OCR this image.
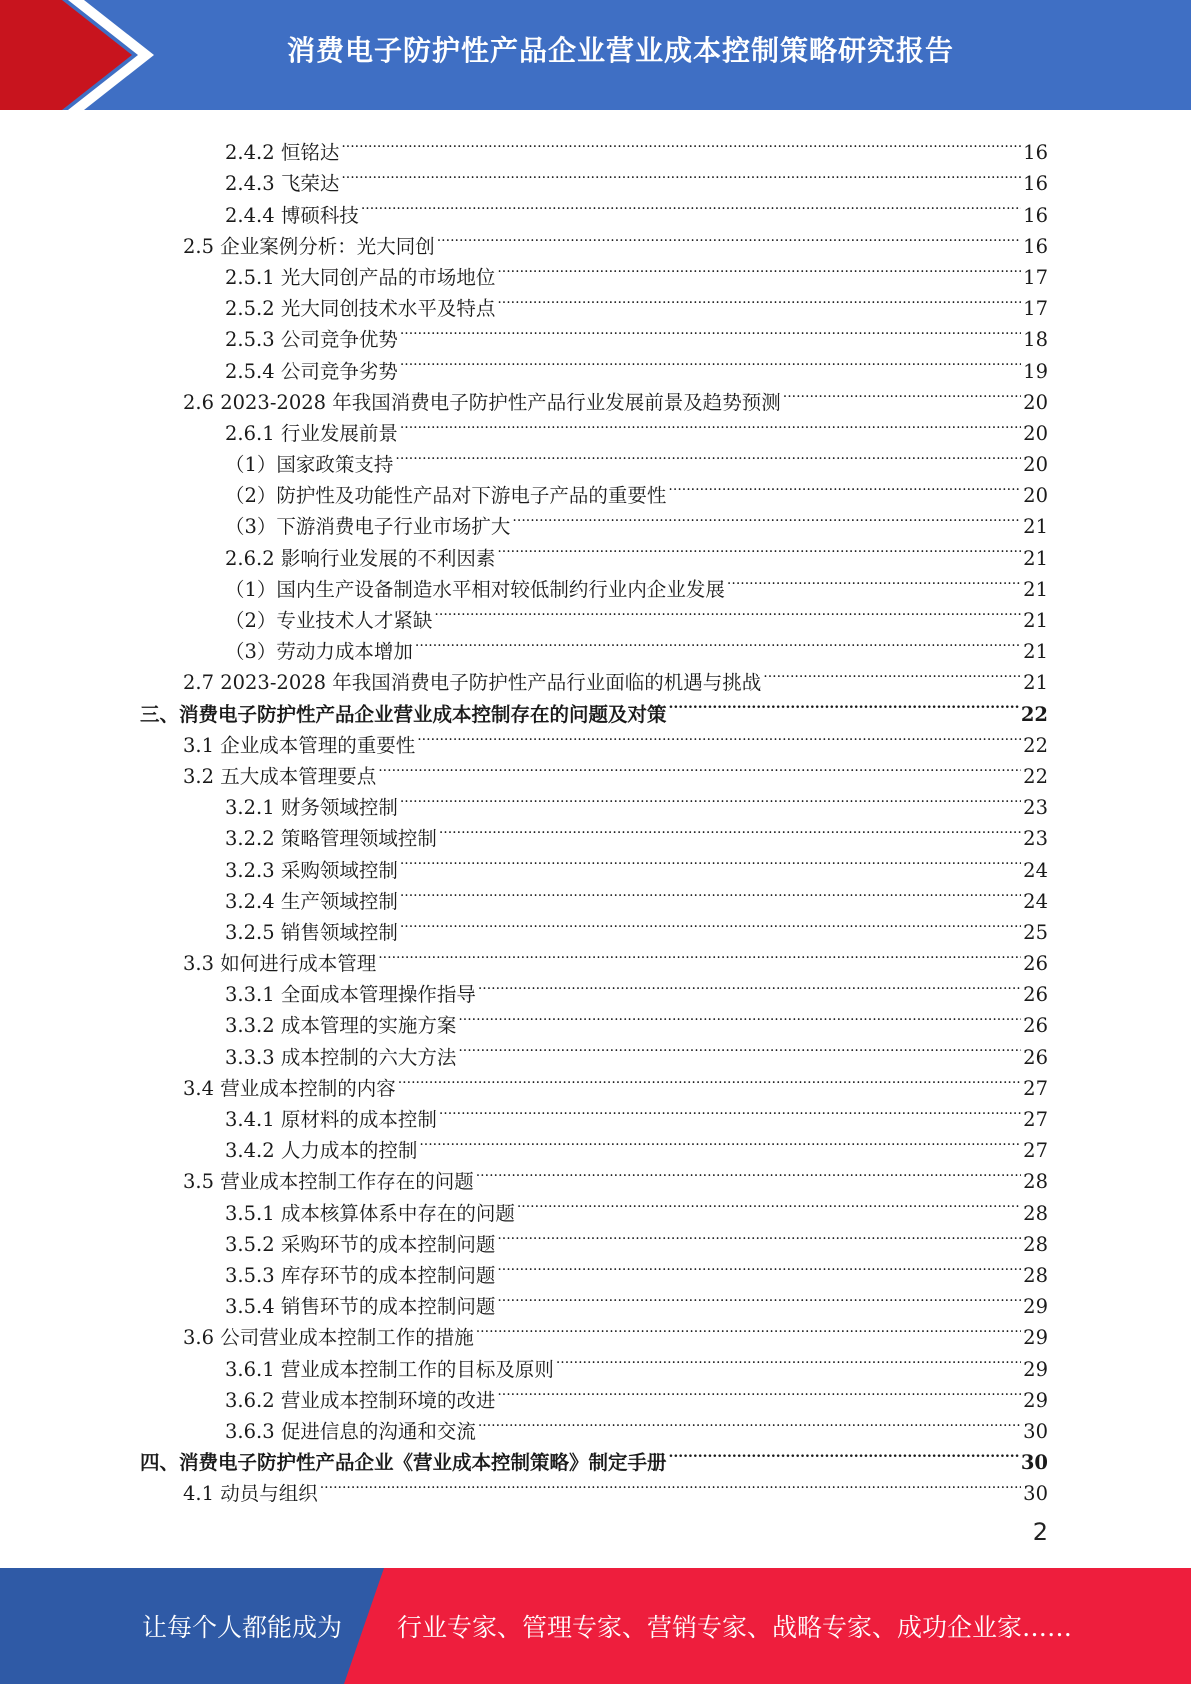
消费电子防护性产品企业营业成本控制策略研究报告
2.4.2 恒铭达 .....	16
2.4.3 飞荣达 .....	16
2.4.4 博硕科技 .....	16
2.5 企业案例分析：光大同创 .....	16
2.5.1 光大同创产品的市场地位 .....	17
2.5.2 光大同创技术水平及特点 .....	17
2.5.3 公司竞争优势 .....	18
2.5.4 公司竞争劣势 .....	19
2.6 2023-2028 年我国消费电子防护性产品行业发展前景及趋势预测 .....	20
2.6.1 行业发展前景 .....	20
（1）国家政策支持 .....	20
（2）防护性及功能性产品对下游电子产品的重要性 .....	20
（3）下游消费电子行业市场扩大 .....	21
2.6.2 影响行业发展的不利因素 .....	21
（1）国内生产设备制造水平相对较低制约行业内企业发展 .....	21
（2）专业技术人才紧缺 .....	21
（3）劳动力成本增加 .....	21
2.7 2023-2028 年我国消费电子防护性产品行业面临的机遇与挑战 .....	21
三、消费电子防护性产品企业营业成本控制存在的问题及对策 .....	22
3.1 企业成本管理的重要性 .....	22
3.2 五大成本管理要点 .....	22
3.2.1 财务领域控制 .....	23
3.2.2 策略管理领域控制 .....	23
3.2.3 采购领域控制 .....	24
3.2.4 生产领域控制 .....	24
3.2.5 销售领域控制 .....	25
3.3 如何进行成本管理 .....	26
3.3.1 全面成本管理操作指导 .....	26
3.3.2 成本管理的实施方案 .....	26
3.3.3 成本控制的六大方法 .....	26
3.4 营业成本控制的内容 .....	27
3.4.1 原材料的成本控制 .....	27
3.4.2 人力成本的控制 .....	27
3.5 营业成本控制工作存在的问题 .....	28
3.5.1 成本核算体系中存在的问题 .....	28
3.5.2 采购环节的成本控制问题 .....	28
3.5.3 库存环节的成本控制问题 .....	28
3.5.4 销售环节的成本控制问题 .....	29
3.6 公司营业成本控制工作的措施 .....	29
3.6.1 营业成本控制工作的目标及原则 .....	29
3.6.2 营业成本控制环境的改进 .....	29
3.6.3 促进信息的沟通和交流 .....	30
四、消费电子防护性产品企业《营业成本控制策略》制定手册 .....	30
4.1 动员与组织 .....	30
2
让每个人都能成为 行业专家、管理专家、营销专家、战略专家、成功企业家……
